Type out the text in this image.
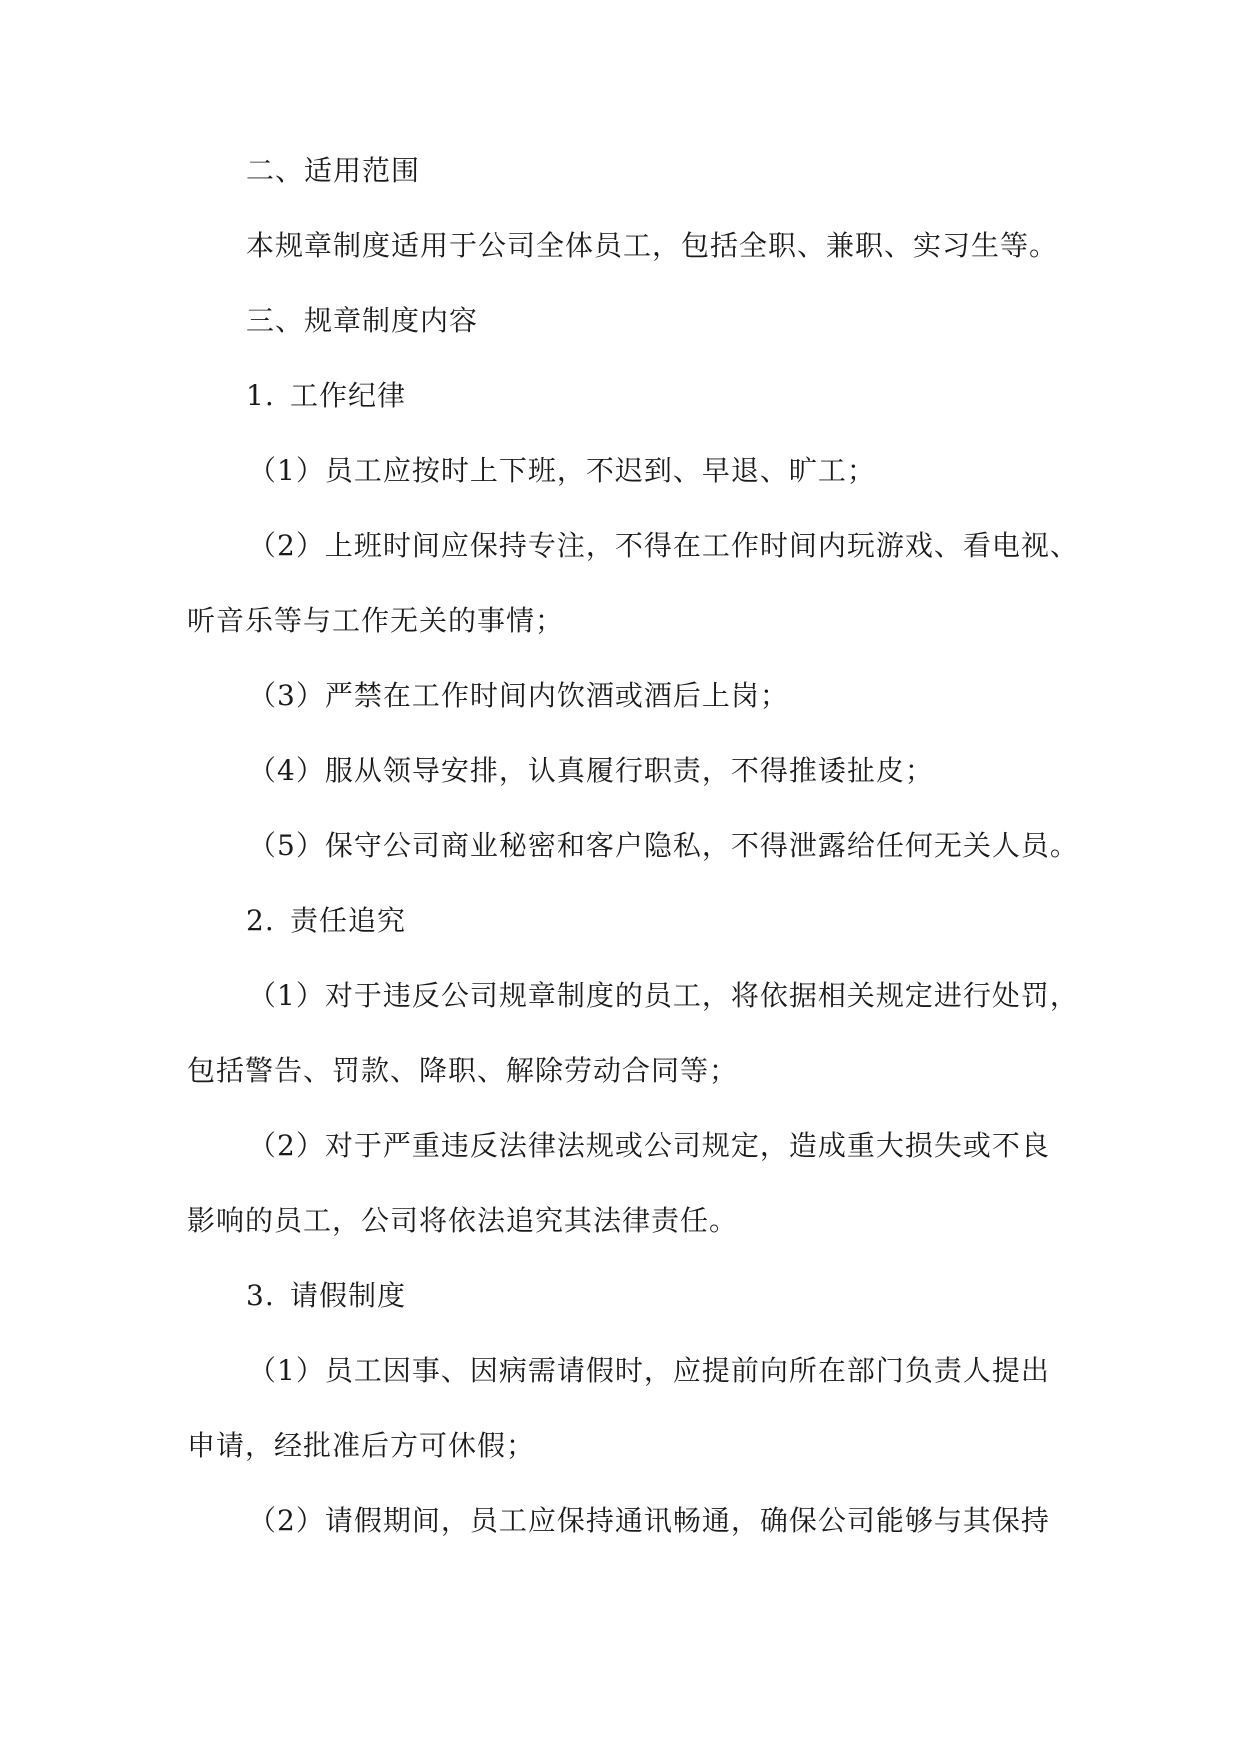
二、适用范围
本规章制度适用于公司全体员工，包括全职、兼职、实习生等。
三、规章制度内容
1. 工作纪律
（1）员工应按时上下班，不迟到、早退、旷工；
（2）上班时间应保持专注，不得在工作时间内玩游戏、看电视、
听音乐等与工作无关的事情；
（3）严禁在工作时间内饮酒或酒后上岗；
（4）服从领导安排，认真履行职责，不得推诿扯皮；
（5）保守公司商业秘密和客户隐私，不得泄露给任何无关人员。
2. 责任追究
（1）对于违反公司规章制度的员工，将依据相关规定进行处罚，
包括警告、罚款、降职、解除劳动合同等；
（2）对于严重违反法律法规或公司规定，造成重大损失或不良
影响的员工，公司将依法追究其法律责任。
3. 请假制度
（1）员工因事、因病需请假时，应提前向所在部门负责人提出
申请，经批准后方可休假；
（2）请假期间，员工应保持通讯畅通，确保公司能够与其保持
